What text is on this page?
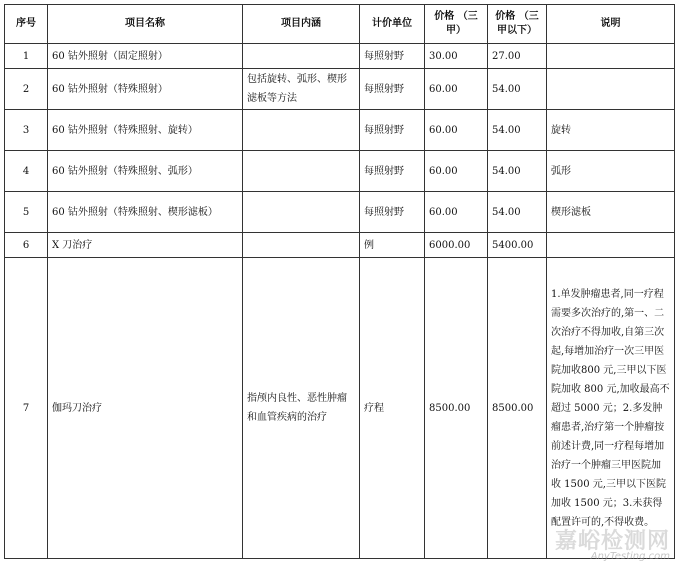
序号	项目名称	项目内涵	计价单位	价格 （三甲）	价格 （三甲以下）	说明
1	60 钴外照射（固定照射）		每照射野	30.00	27.00	
2	60 钴外照射（特殊照射）	包括旋转、弧形、楔形滤板等方法	每照射野	60.00	54.00	
3	60 钴外照射（特殊照射、旋转）		每照射野	60.00	54.00	旋转
4	60 钴外照射（特殊照射、弧形）		每照射野	60.00	54.00	弧形
5	60 钴外照射（特殊照射、楔形滤板）		每照射野	60.00	54.00	楔形滤板
6	X 刀治疗		例	6000.00	5400.00	
7	伽玛刀治疗	指颅内良性、恶性肿瘤和血管疾病的治疗	疗程	8500.00	8500.00	1.单发肿瘤患者,同一疗程需要多次治疗的,第一、二次治疗不得加收,自第三次起,每增加治疗一次三甲医院加收800 元,三甲以下医院加收 800 元,加收最高不超过 5000 元；2.多发肿瘤患者,治疗第一个肿瘤按前述计费,同一疗程每增加治疗一个肿瘤三甲医院加收 1500 元,三甲以下医院加收 1500 元；3.未获得配置许可的,不得收费。
嘉峪检测网
AnyTesting.com
